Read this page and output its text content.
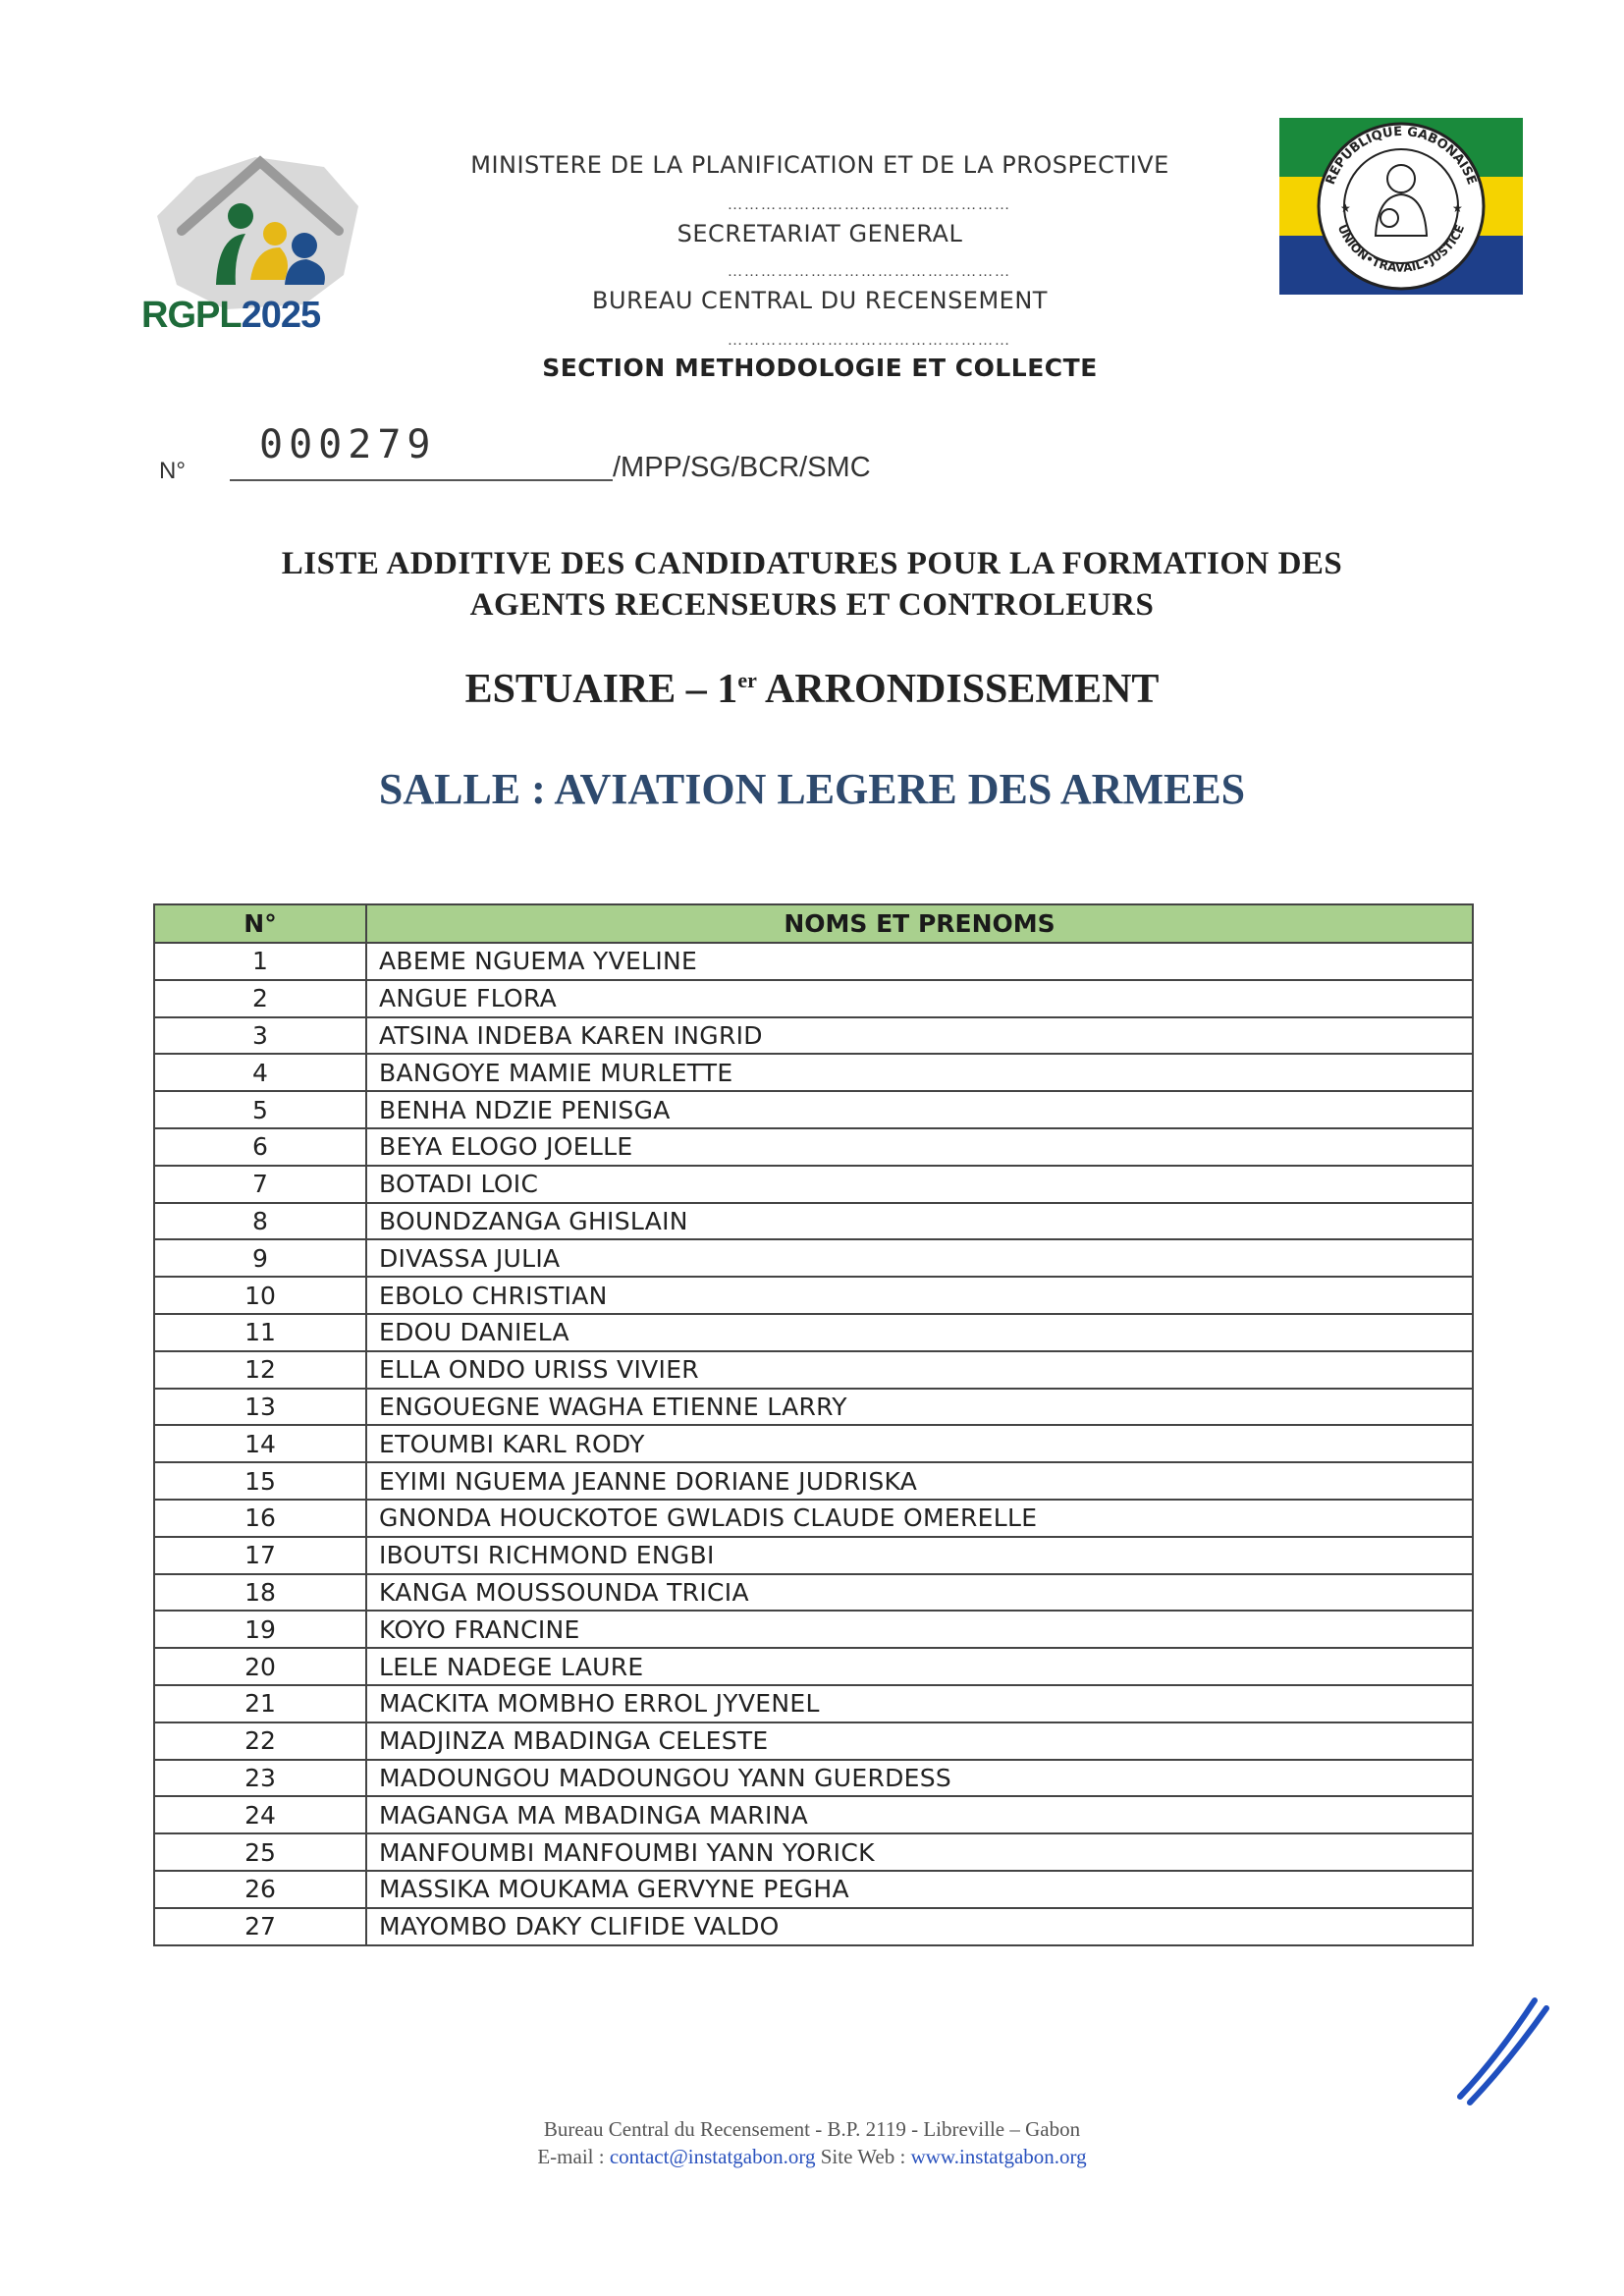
RGPL2025
MINISTERE DE LA PLANIFICATION ET DE LA PROSPECTIVE
……………………………………………
SECRETARIAT GENERAL
……………………………………………
BUREAU CENTRAL DU RECENSEMENT
……………………………………………
SECTION METHODOLOGIE ET COLLECTE
REPUBLIQUE GABONAISE
UNION•TRAVAIL•JUSTICE
★	★
N°
000279	/MPP/SG/BCR/SMC
LISTE ADDITIVE DES CANDIDATURES POUR LA FORMATION DES
AGENTS RECENSEURS ET CONTROLEURS
ESTUAIRE – 1er ARRONDISSEMENT
SALLE : AVIATION LEGERE DES ARMEES
N°	NOMS ET PRENOMS
1	ABEME NGUEMA YVELINE
2	ANGUE FLORA
3	ATSINA INDEBA KAREN INGRID
4	BANGOYE MAMIE MURLETTE
5	BENHA NDZIE PENISGA
6	BEYA ELOGO JOELLE
7	BOTADI LOIC
8	BOUNDZANGA GHISLAIN
9	DIVASSA JULIA
10	EBOLO CHRISTIAN
11	EDOU DANIELA
12	ELLA ONDO URISS VIVIER
13	ENGOUEGNE WAGHA ETIENNE LARRY
14	ETOUMBI KARL RODY
15	EYIMI NGUEMA JEANNE DORIANE JUDRISKA
16	GNONDA HOUCKOTOE GWLADIS CLAUDE OMERELLE
17	IBOUTSI RICHMOND ENGBI
18	KANGA MOUSSOUNDA TRICIA
19	KOYO FRANCINE
20	LELE NADEGE LAURE
21	MACKITA MOMBHO ERROL JYVENEL
22	MADJINZA MBADINGA CELESTE
23	MADOUNGOU MADOUNGOU YANN GUERDESS
24	MAGANGA MA MBADINGA MARINA
25	MANFOUMBI MANFOUMBI YANN YORICK
26	MASSIKA MOUKAMA GERVYNE PEGHA
27	MAYOMBO DAKY CLIFIDE VALDO
Bureau Central du Recensement - B.P. 2119 - Libreville – Gabon
E-mail : contact@instatgabon.org Site Web : www.instatgabon.org
